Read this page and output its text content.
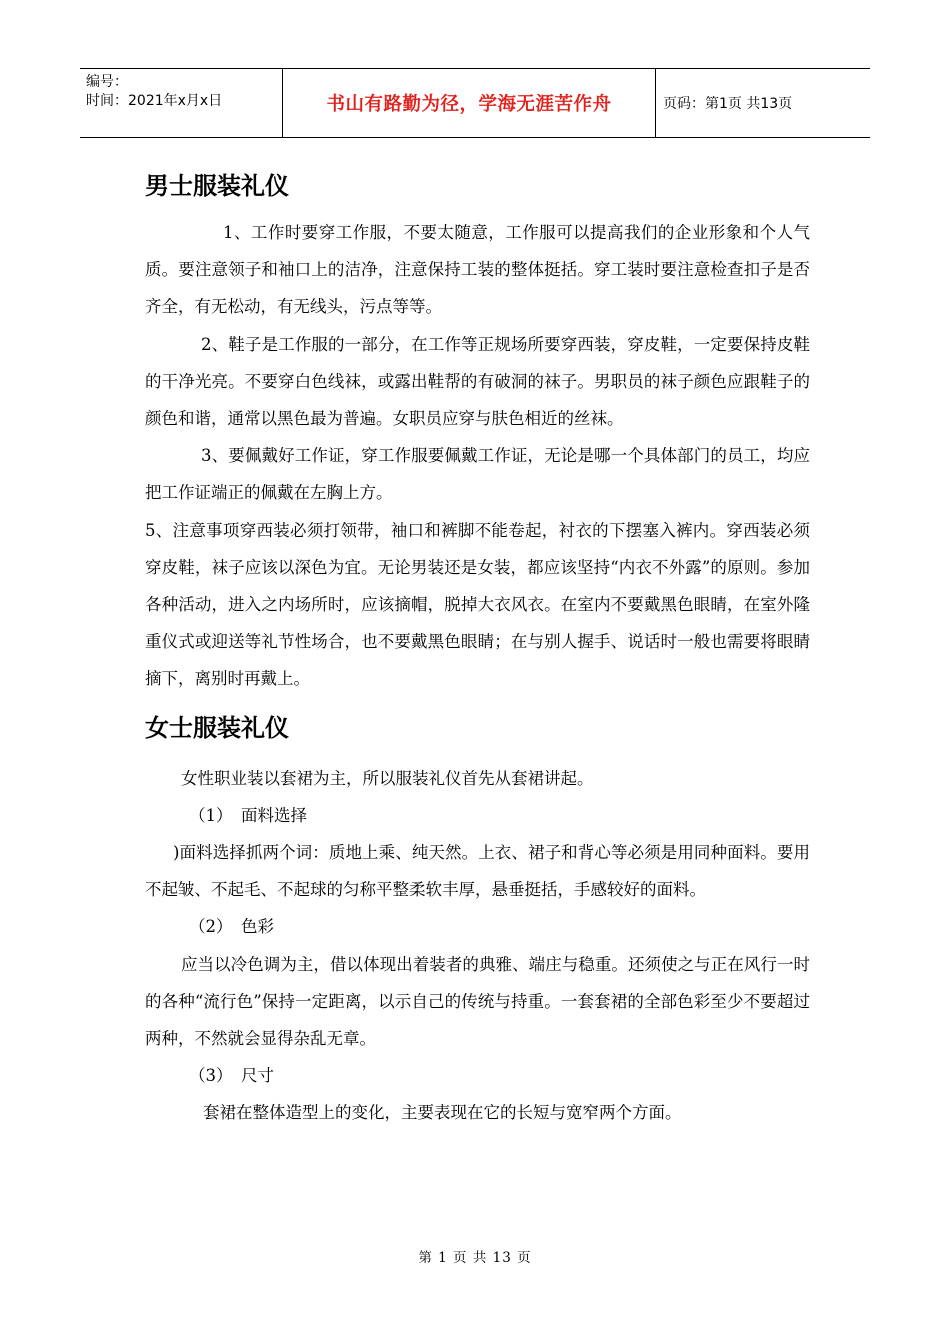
编号：
时间：2021年x月x日	书山有路勤为径，学海无涯苦作舟	页码：第1页 共13页
男士服装礼仪

1、工作时要穿工作服，不要太随意，工作服可以提高我们的企业形象和个人气质。要注意领子和袖口上的洁净，注意保持工装的整体挺括。穿工装时要注意检查扣子是否齐全，有无松动，有无线头，污点等等。

2、鞋子是工作服的一部分，在工作等正规场所要穿西装，穿皮鞋，一定要保持皮鞋的干净光亮。不要穿白色线袜，或露出鞋帮的有破洞的袜子。男职员的袜子颜色应跟鞋子的颜色和谐，通常以黑色最为普遍。女职员应穿与肤色相近的丝袜。

3、要佩戴好工作证，穿工作服要佩戴工作证，无论是哪一个具体部门的员工，均应把工作证端正的佩戴在左胸上方。

5、注意事项穿西装必须打领带，袖口和裤脚不能卷起，衬衣的下摆塞入裤内。穿西装必须穿皮鞋，袜子应该以深色为宜。无论男装还是女装，都应该坚持“内衣不外露”的原则。参加各种活动，进入之内场所时，应该摘帽，脱掉大衣风衣。在室内不要戴黑色眼睛，在室外隆重仪式或迎送等礼节性场合，也不要戴黑色眼睛；在与别人握手、说话时一般也需要将眼睛摘下，离别时再戴上。

女士服装礼仪

女性职业装以套裙为主，所以服装礼仪首先从套裙讲起。

（1） 面料选择

)面料选择抓两个词：质地上乘、纯天然。上衣、裙子和背心等必须是用同种面料。要用不起皱、不起毛、不起球的匀称平整柔软丰厚，悬垂挺括，手感较好的面料。

（2） 色彩

应当以冷色调为主，借以体现出着装者的典雅、端庄与稳重。还须使之与正在风行一时的各种“流行色”保持一定距离，以示自己的传统与持重。一套套裙的全部色彩至少不要超过两种，不然就会显得杂乱无章。

（3） 尺寸

套裙在整体造型上的变化，主要表现在它的长短与宽窄两个方面。

第 1 页 共 13 页
